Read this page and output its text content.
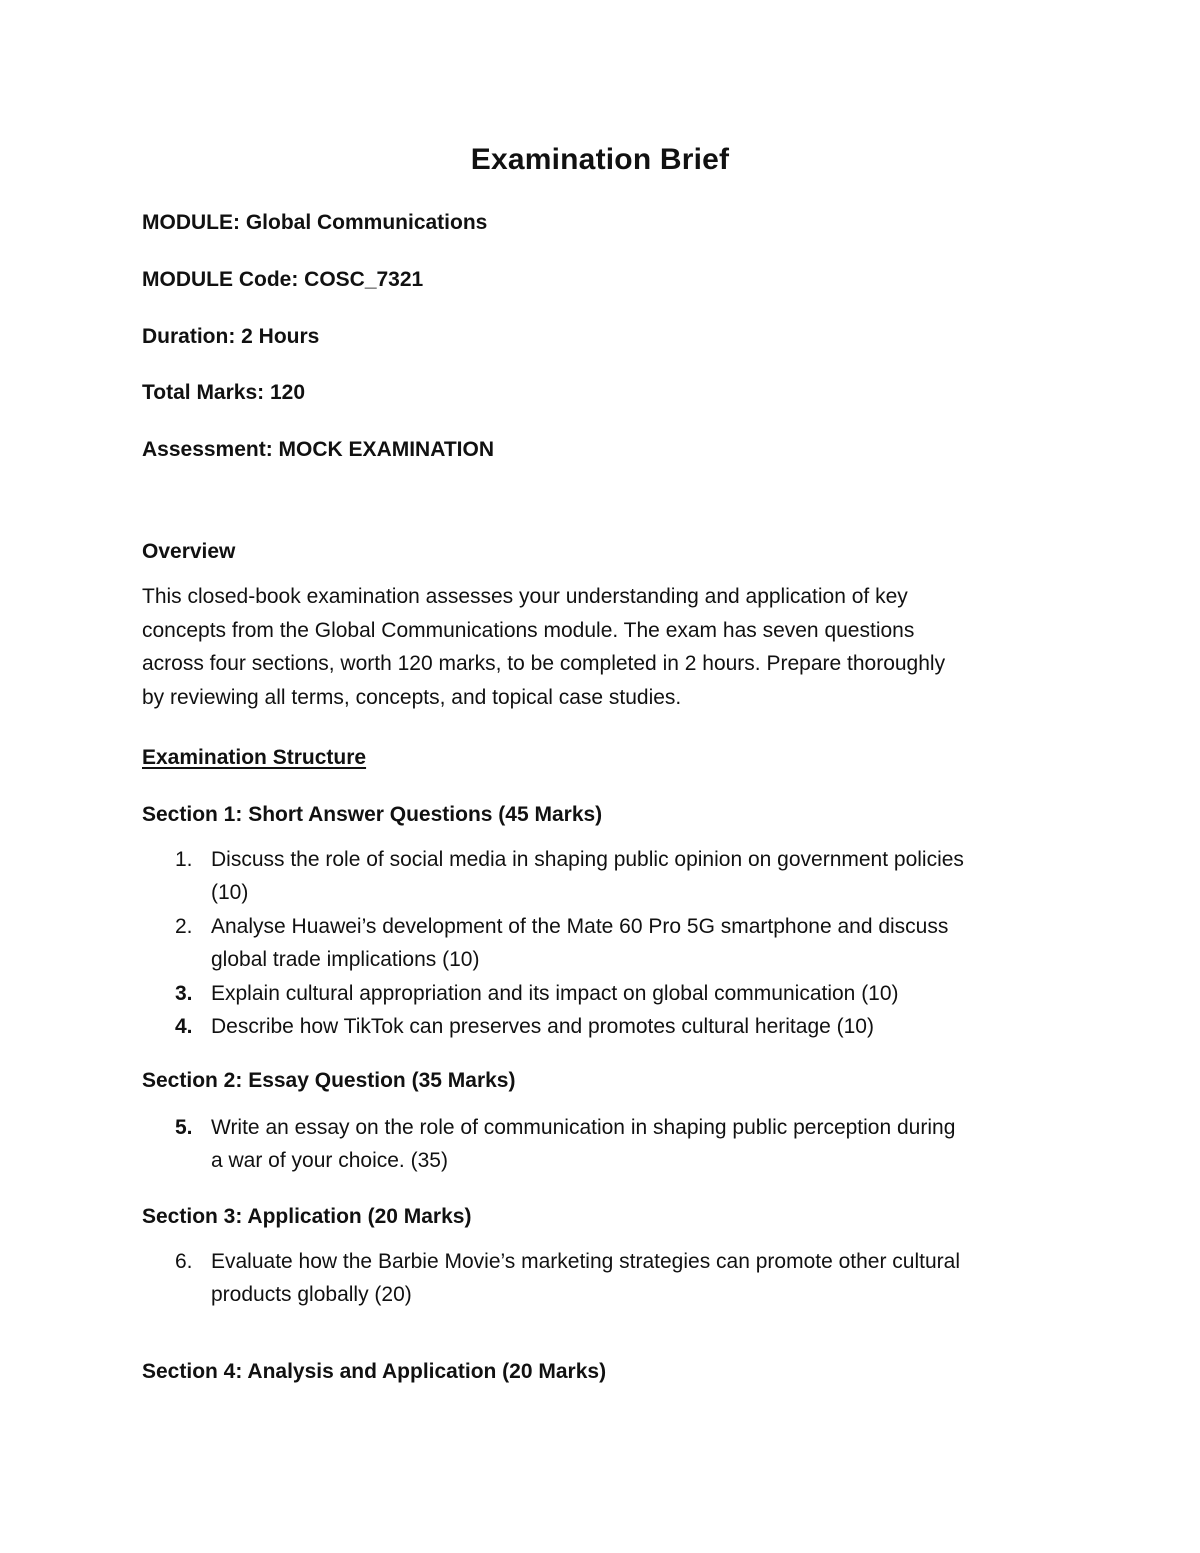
Examination Brief
MODULE: Global Communications
MODULE Code: COSC_7321
Duration: 2 Hours
Total Marks: 120
Assessment: MOCK EXAMINATION
Overview
This closed-book examination assesses your understanding and application of key
concepts from the Global Communications module. The exam has seven questions
across four sections, worth 120 marks, to be completed in 2 hours. Prepare thoroughly
by reviewing all terms, concepts, and topical case studies.
Examination Structure
Section 1: Short Answer Questions (45 Marks)
1. Discuss the role of social media in shaping public opinion on government policies
(10)
2. Analyse Huawei’s development of the Mate 60 Pro 5G smartphone and discuss
global trade implications (10)
3. Explain cultural appropriation and its impact on global communication (10)
4. Describe how TikTok can preserves and promotes cultural heritage (10)
Section 2: Essay Question (35 Marks)
5. Write an essay on the role of communication in shaping public perception during
a war of your choice. (35)
Section 3: Application (20 Marks)
6. Evaluate how the Barbie Movie’s marketing strategies can promote other cultural
products globally (20)
Section 4: Analysis and Application (20 Marks)
